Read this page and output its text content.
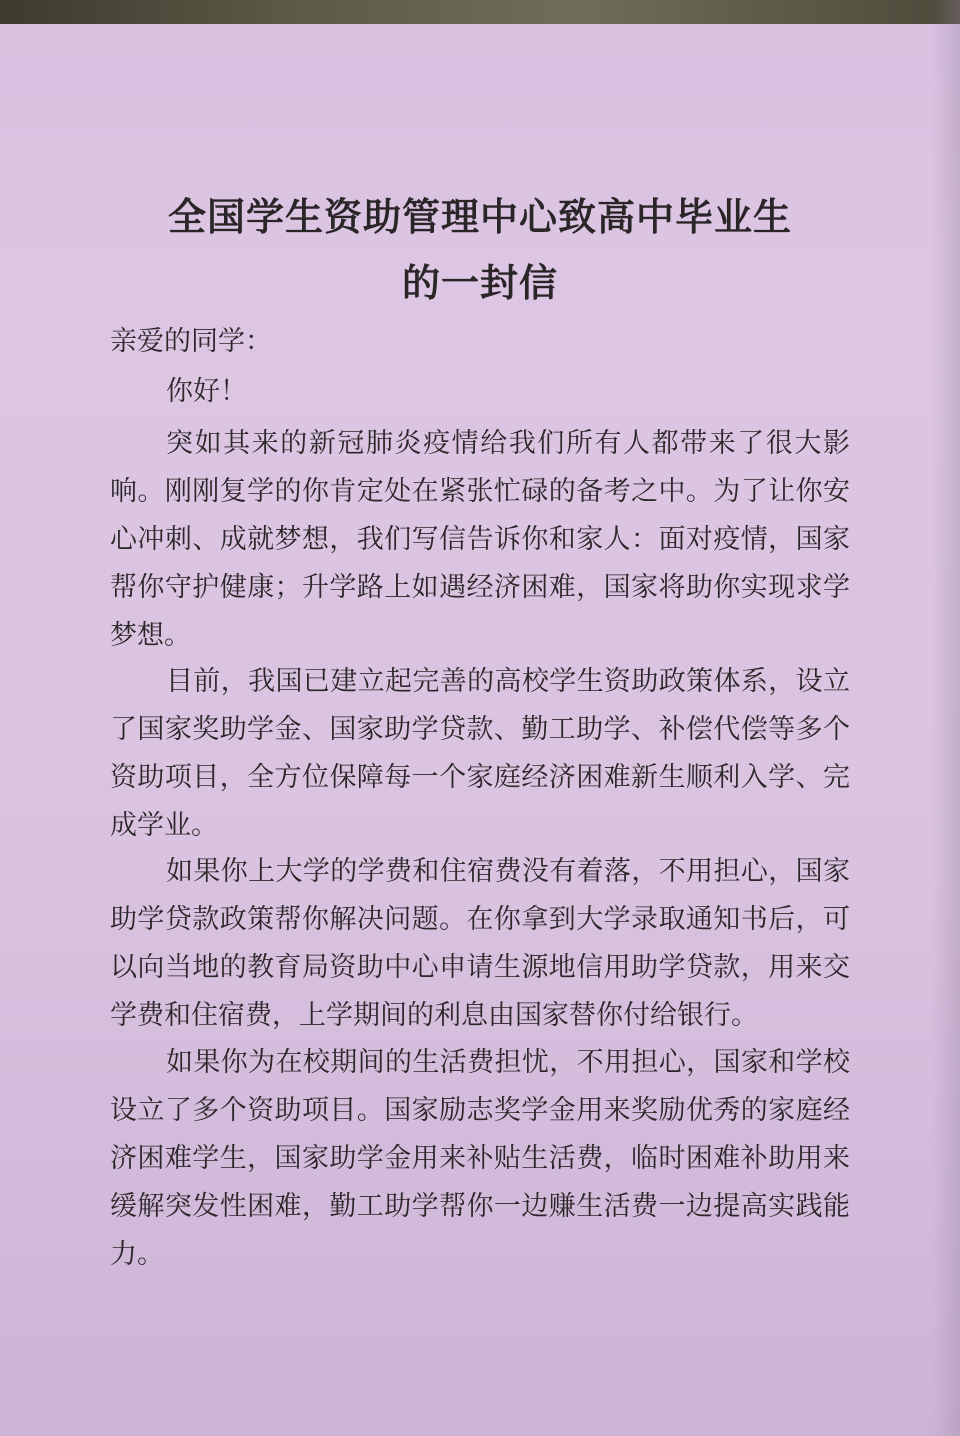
全国学生资助管理中心致高中毕业生
的一封信
亲爱的同学：
你好！
突如其来的新冠肺炎疫情给我们所有人都带来了很大影响。刚刚复学的你肯定处在紧张忙碌的备考之中。为了让你安心冲刺、成就梦想，我们写信告诉你和家人：面对疫情，国家帮你守护健康；升学路上如遇经济困难，国家将助你实现求学梦想。
目前，我国已建立起完善的高校学生资助政策体系，设立了国家奖助学金、国家助学贷款、勤工助学、补偿代偿等多个资助项目，全方位保障每一个家庭经济困难新生顺利入学、完成学业。
如果你上大学的学费和住宿费没有着落，不用担心，国家助学贷款政策帮你解决问题。在你拿到大学录取通知书后，可以向当地的教育局资助中心申请生源地信用助学贷款，用来交学费和住宿费，上学期间的利息由国家替你付给银行。
如果你为在校期间的生活费担忧，不用担心，国家和学校设立了多个资助项目。国家励志奖学金用来奖励优秀的家庭经济困难学生，国家助学金用来补贴生活费，临时困难补助用来缓解突发性困难，勤工助学帮你一边赚生活费一边提高实践能力。
